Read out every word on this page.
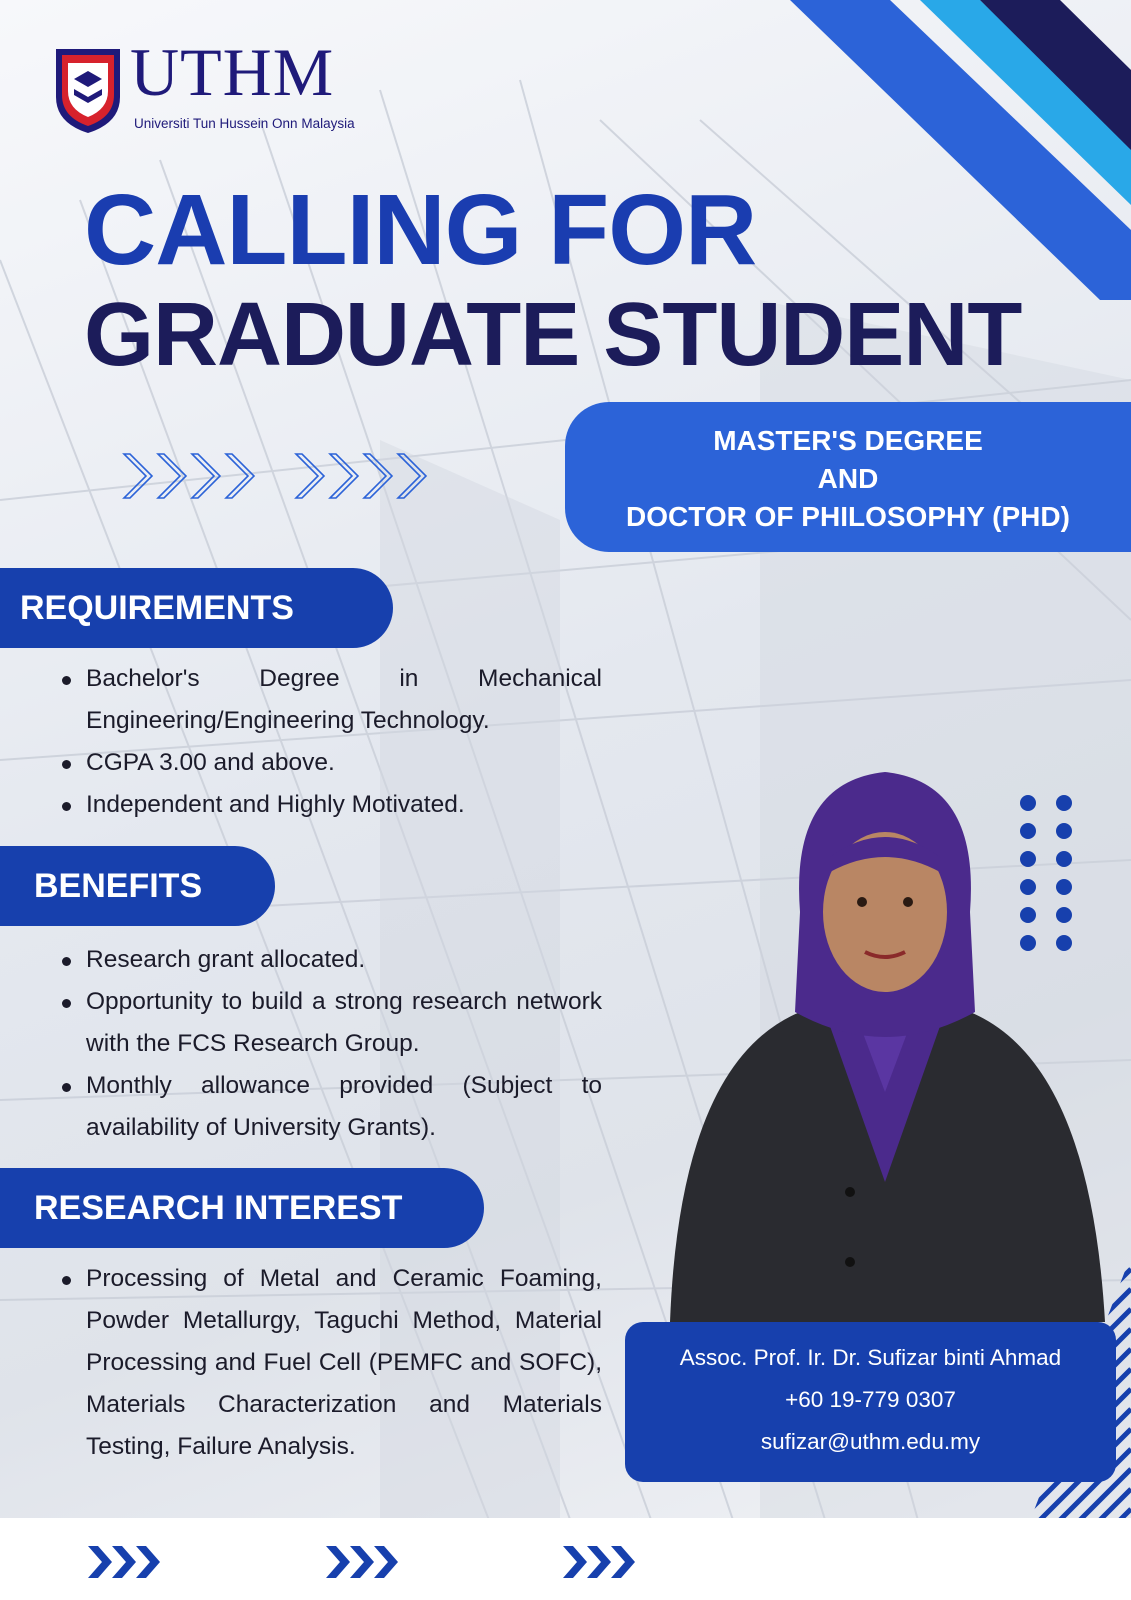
UTHM
Universiti Tun Hussein Onn Malaysia
CALLING FOR
GRADUATE STUDENT
MASTER'S DEGREE
AND
DOCTOR OF PHILOSOPHY (PHD)
REQUIREMENTS
Bachelor's Degree in Mechanical Engineering/Engineering Technology.
CGPA 3.00 and above.
Independent and Highly Motivated.
BENEFITS
Research grant allocated.
Opportunity to build a strong research network with the FCS Research Group.
Monthly allowance provided (Subject to availability of University Grants).
RESEARCH INTEREST
Processing of Metal and Ceramic Foaming, Powder Metallurgy, Taguchi Method, Material Processing and Fuel Cell (PEMFC and SOFC), Materials Characterization and Materials Testing, Failure Analysis.
Assoc. Prof. Ir. Dr. Sufizar binti Ahmad
+60 19-779 0307
sufizar@uthm.edu.my
